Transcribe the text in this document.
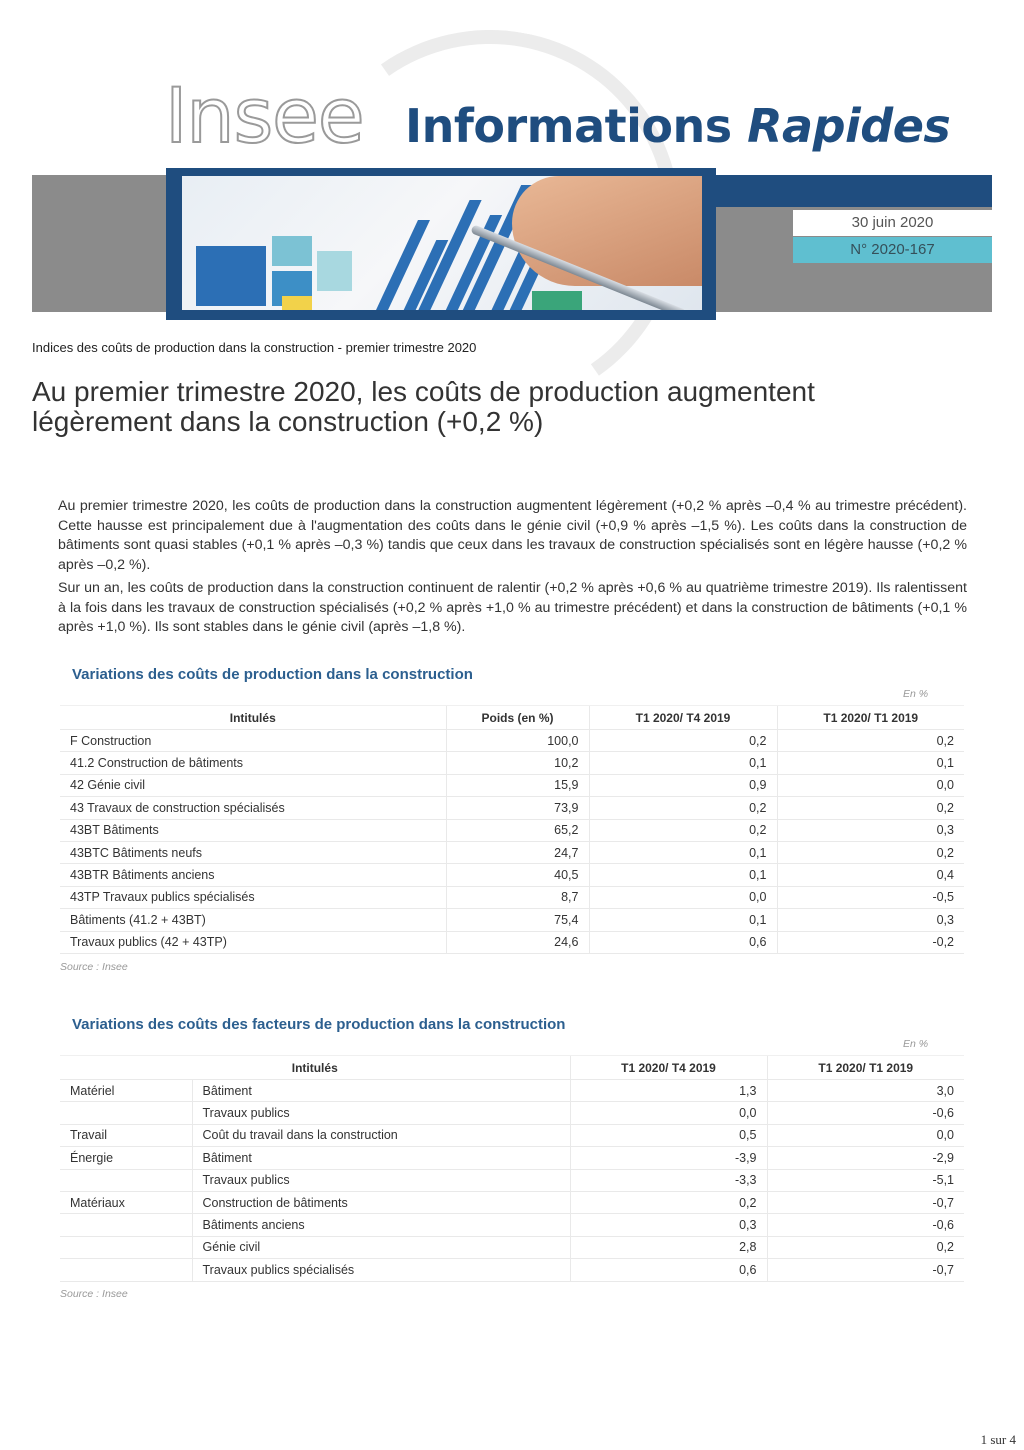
Insee Informations Rapides
30 juin 2020
N° 2020-167
Indices des coûts de production dans la construction - premier trimestre 2020
Au premier trimestre 2020, les coûts de production augmentent légèrement dans la construction (+0,2 %)

Au premier trimestre 2020, les coûts de production dans la construction augmentent légèrement (+0,2 % après –0,4 % au trimestre précédent). Cette hausse est principalement due à l'augmentation des coûts dans le génie civil (+0,9 % après –1,5 %). Les coûts dans la construction de bâtiments sont quasi stables (+0,1 % après –0,3 %) tandis que ceux dans les travaux de construction spécialisés sont en légère hausse (+0,2 % après –0,2 %).

Sur un an, les coûts de production dans la construction continuent de ralentir (+0,2 % après +0,6 % au quatrième trimestre 2019). Ils ralentissent à la fois dans les travaux de construction spécialisés (+0,2 % après +1,0 % au trimestre précédent) et dans la construction de bâtiments (+0,1 % après +1,0 %). Ils sont stables dans le génie civil (après –1,8 %).

Variations des coûts de production dans la construction
En %
Intitulés	Poids (en %)	T1 2020/ T4 2019	T1 2020/ T1 2019
F Construction	100,0	0,2	0,2
41.2 Construction de bâtiments	10,2	0,1	0,1
42 Génie civil	15,9	0,9	0,0
43 Travaux de construction spécialisés	73,9	0,2	0,2
43BT Bâtiments	65,2	0,2	0,3
43BTC Bâtiments neufs	24,7	0,1	0,2
43BTR Bâtiments anciens	40,5	0,1	0,4
43TP Travaux publics spécialisés	8,7	0,0	-0,5
Bâtiments (41.2 + 43BT)	75,4	0,1	0,3
Travaux publics (42 + 43TP)	24,6	0,6	-0,2
Source : Insee
Variations des coûts des facteurs de production dans la construction
En %
Intitulés		T1 2020/ T4 2019	T1 2020/ T1 2019
Matériel	Bâtiment	1,3	3,0
	Travaux publics	0,0	-0,6
Travail	Coût du travail dans la construction	0,5	0,0
Énergie	Bâtiment	-3,9	-2,9
	Travaux publics	-3,3	-5,1
Matériaux	Construction de bâtiments	0,2	-0,7
	Bâtiments anciens	0,3	-0,6
	Génie civil	2,8	0,2
	Travaux publics spécialisés	0,6	-0,7
Source : Insee
1 sur 4
